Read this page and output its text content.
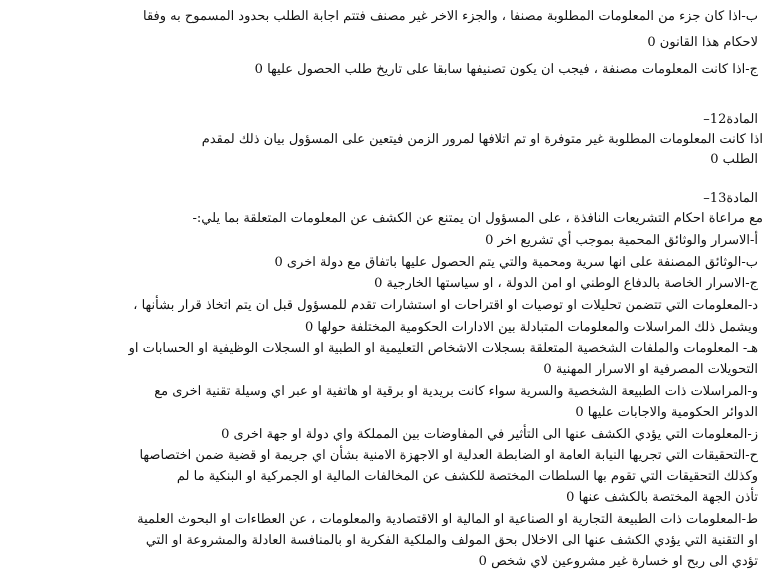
ب-اذا كان جزء من المعلومات المطلوبة مصنفا ، والجزء الاخر غير مصنف فتتم اجابة الطلب بحدود المسموح به وفقا
لاحكام هذا القانون 0
ج-اذا كانت المعلومات مصنفة ، فيجب ان يكون تصنيفها سابقا على تاريخ طلب الحصول عليها 0
المادة12–
اذا كانت المعلومات المطلوبة غير متوفرة او تم اتلافها لمرور الزمن فيتعين على المسؤول بيان ذلك لمقدم
الطلب 0
المادة13–
مع مراعاة احكام التشريعات النافذة ، على المسؤول ان يمتنع عن الكشف عن المعلومات المتعلقة بما يلي:-
أ-الاسرار والوثائق المحمية بموجب أي تشريع اخر 0
ب-الوثائق المصنفة على انها سرية ومحمية والتي يتم الحصول عليها باتفاق مع دولة اخرى 0
ج-الاسرار الخاصة بالدفاع الوطني او امن الدولة ، او سياستها الخارجية 0
د-المعلومات التي تتضمن تحليلات او توصيات او اقتراحات او استشارات تقدم للمسؤول قبل ان يتم اتخاذ قرار بشأنها ،
ويشمل ذلك المراسلات والمعلومات المتبادلة بين الادارات الحكومية المختلفة حولها 0
هـ- المعلومات والملفات الشخصية المتعلقة بسجلات الاشخاص التعليمية او الطبية او السجلات الوظيفية او الحسابات او
التحويلات المصرفية او الاسرار المهنية 0
و-المراسلات ذات الطبيعة الشخصية والسرية سواء كانت بريدية او برقية او هاتفية او عبر اي وسيلة تقنية اخرى مع
الدوائر الحكومية والاجابات عليها 0
ز-المعلومات التي يؤدي الكشف عنها الى التأثير في المفاوضات بين المملكة واي دولة او جهة اخرى 0
ح-التحقيقات التي تجريها النيابة العامة او الضابطة العدلية او الاجهزة الامنية بشأن اي جريمة او قضية ضمن اختصاصها
وكذلك التحقيقات التي تقوم بها السلطات المختصة للكشف عن المخالفات المالية او الجمركية او البنكية ما لم
تأذن الجهة المختصة بالكشف عنها 0
ط-المعلومات ذات الطبيعة التجارية او الصناعية او المالية او الاقتصادية والمعلومات ، عن العطاءات او البحوث العلمية
او التقنية التي يؤدي الكشف عنها الى الاخلال بحق المولف والملكية الفكرية او بالمنافسة العادلة والمشروعة او التي
تؤدي الى ربح او خسارة غير مشروعين لاي شخص 0
